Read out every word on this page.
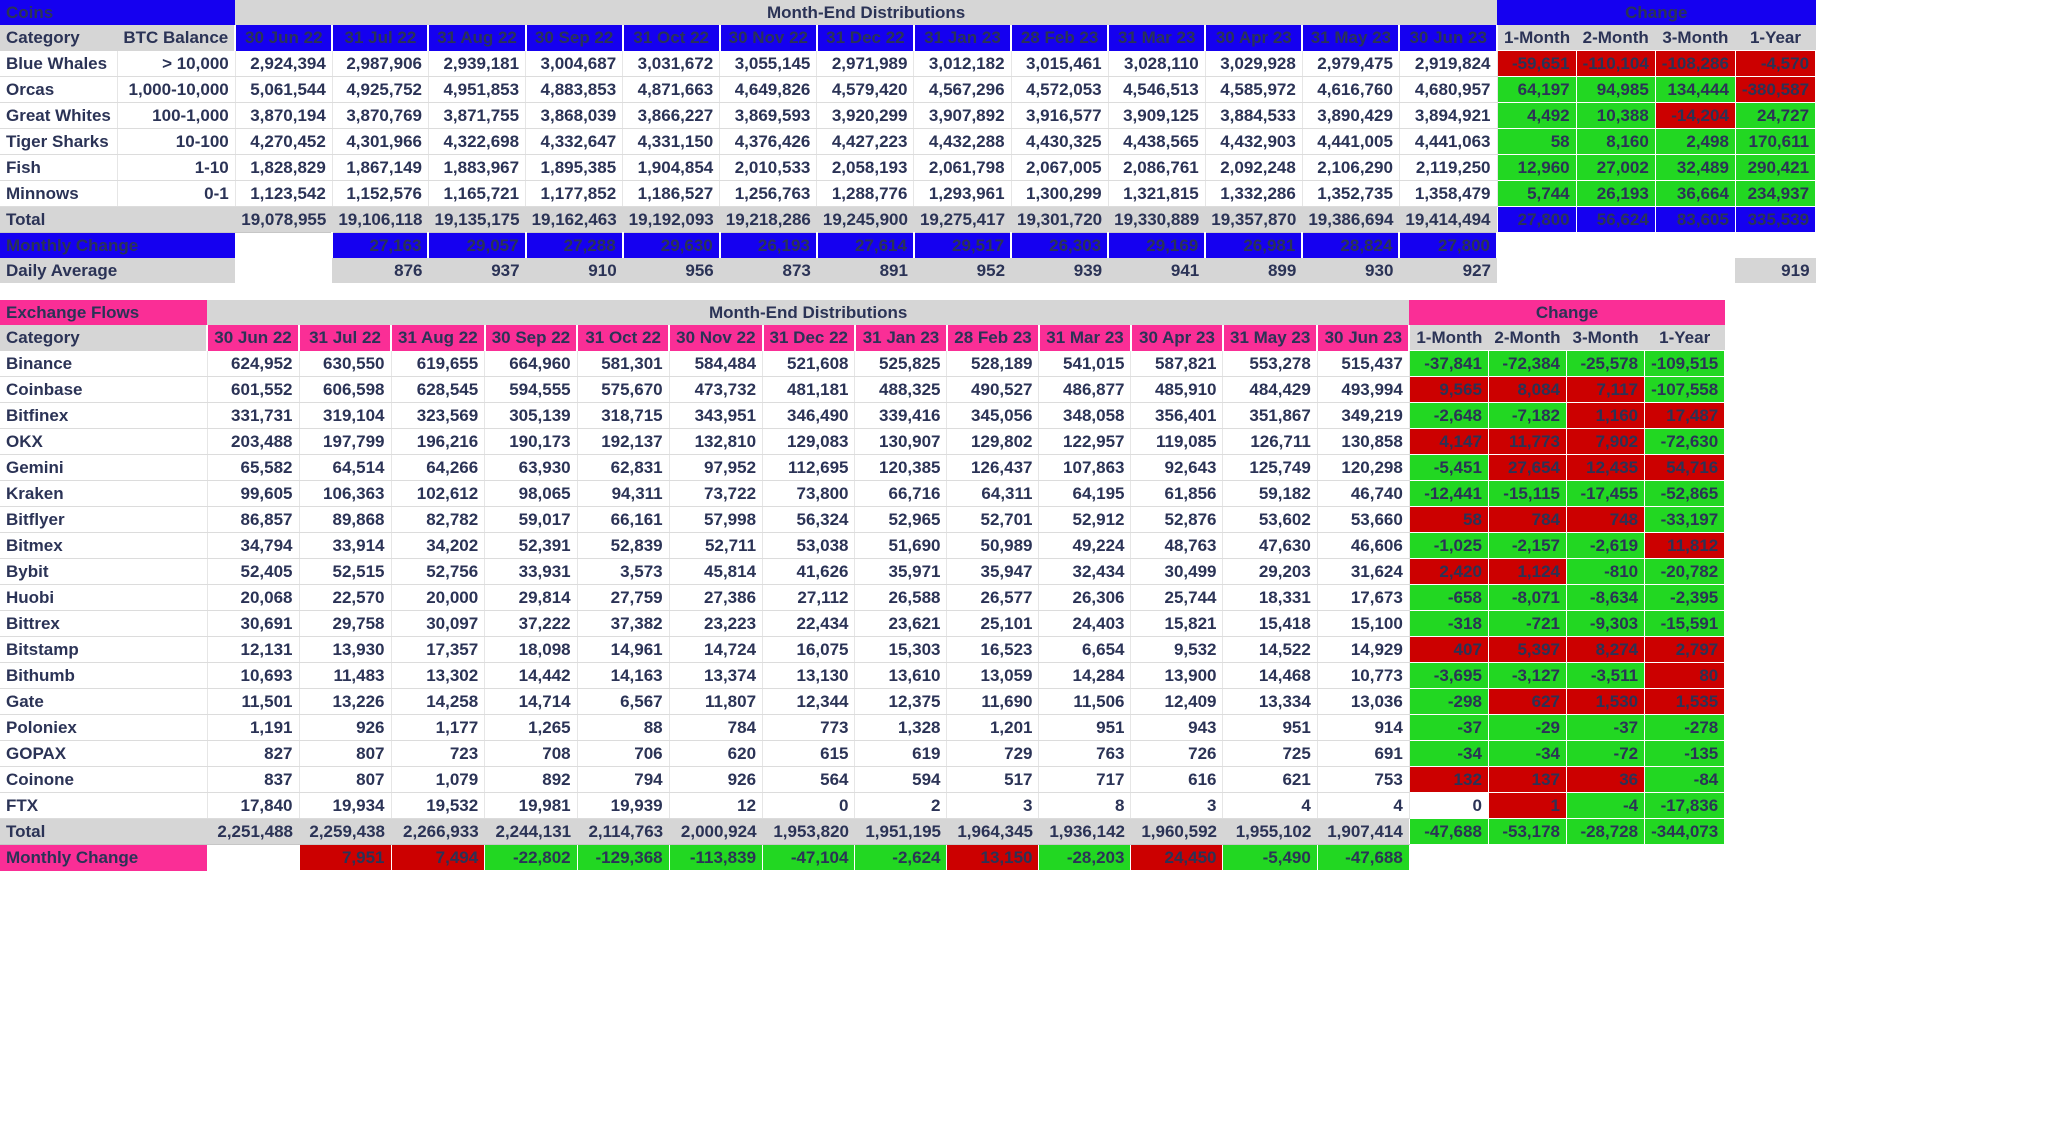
Coins		Month-End Distributions													Change			
Category	BTC Balance	30 Jun 22	31 Jul 22	31 Aug 22	30 Sep 22	31 Oct 22	30 Nov 22	31 Dec 22	31 Jan 23	28 Feb 23	31 Mar 23	30 Apr 23	31 May 23	30 Jun 23	1-Month	2-Month	3-Month	1-Year
Blue Whales	> 10,000	2,924,394	2,987,906	2,939,181	3,004,687	3,031,672	3,055,145	2,971,989	3,012,182	3,015,461	3,028,110	3,029,928	2,979,475	2,919,824	-59,651	-110,104	-108,286	-4,570
Orcas	1,000-10,000	5,061,544	4,925,752	4,951,853	4,883,853	4,871,663	4,649,826	4,579,420	4,567,296	4,572,053	4,546,513	4,585,972	4,616,760	4,680,957	64,197	94,985	134,444	-380,587
Great Whites	100-1,000	3,870,194	3,870,769	3,871,755	3,868,039	3,866,227	3,869,593	3,920,299	3,907,892	3,916,577	3,909,125	3,884,533	3,890,429	3,894,921	4,492	10,388	-14,204	24,727
Tiger Sharks	10-100	4,270,452	4,301,966	4,322,698	4,332,647	4,331,150	4,376,426	4,427,223	4,432,288	4,430,325	4,438,565	4,432,903	4,441,005	4,441,063	58	8,160	2,498	170,611
Fish	1-10	1,828,829	1,867,149	1,883,967	1,895,385	1,904,854	2,010,533	2,058,193	2,061,798	2,067,005	2,086,761	2,092,248	2,106,290	2,119,250	12,960	27,002	32,489	290,421
Minnows	0-1	1,123,542	1,152,576	1,165,721	1,177,852	1,186,527	1,256,763	1,288,776	1,293,961	1,300,299	1,321,815	1,332,286	1,352,735	1,358,479	5,744	26,193	36,664	234,937
Total		19,078,955	19,106,118	19,135,175	19,162,463	19,192,093	19,218,286	19,245,900	19,275,417	19,301,720	19,330,889	19,357,870	19,386,694	19,414,494	27,800	56,624	83,605	335,539
Monthly Change			27,163	29,057	27,288	29,630	26,193	27,614	29,517	26,303	29,169	26,981	28,824	27,800				
Daily Average			876	937	910	956	873	891	952	939	941	899	930	927				919
Exchange Flows	Month-End Distributions													Change			
Category	30 Jun 22	31 Jul 22	31 Aug 22	30 Sep 22	31 Oct 22	30 Nov 22	31 Dec 22	31 Jan 23	28 Feb 23	31 Mar 23	30 Apr 23	31 May 23	30 Jun 23	1-Month	2-Month	3-Month	1-Year
Binance	624,952	630,550	619,655	664,960	581,301	584,484	521,608	525,825	528,189	541,015	587,821	553,278	515,437	-37,841	-72,384	-25,578	-109,515
Coinbase	601,552	606,598	628,545	594,555	575,670	473,732	481,181	488,325	490,527	486,877	485,910	484,429	493,994	9,565	8,084	7,117	-107,558
Bitfinex	331,731	319,104	323,569	305,139	318,715	343,951	346,490	339,416	345,056	348,058	356,401	351,867	349,219	-2,648	-7,182	1,160	17,487
OKX	203,488	197,799	196,216	190,173	192,137	132,810	129,083	130,907	129,802	122,957	119,085	126,711	130,858	4,147	11,773	7,902	-72,630
Gemini	65,582	64,514	64,266	63,930	62,831	97,952	112,695	120,385	126,437	107,863	92,643	125,749	120,298	-5,451	27,654	12,435	54,716
Kraken	99,605	106,363	102,612	98,065	94,311	73,722	73,800	66,716	64,311	64,195	61,856	59,182	46,740	-12,441	-15,115	-17,455	-52,865
Bitflyer	86,857	89,868	82,782	59,017	66,161	57,998	56,324	52,965	52,701	52,912	52,876	53,602	53,660	58	784	748	-33,197
Bitmex	34,794	33,914	34,202	52,391	52,839	52,711	53,038	51,690	50,989	49,224	48,763	47,630	46,606	-1,025	-2,157	-2,619	11,812
Bybit	52,405	52,515	52,756	33,931	3,573	45,814	41,626	35,971	35,947	32,434	30,499	29,203	31,624	2,420	1,124	-810	-20,782
Huobi	20,068	22,570	20,000	29,814	27,759	27,386	27,112	26,588	26,577	26,306	25,744	18,331	17,673	-658	-8,071	-8,634	-2,395
Bittrex	30,691	29,758	30,097	37,222	37,382	23,223	22,434	23,621	25,101	24,403	15,821	15,418	15,100	-318	-721	-9,303	-15,591
Bitstamp	12,131	13,930	17,357	18,098	14,961	14,724	16,075	15,303	16,523	6,654	9,532	14,522	14,929	407	5,397	8,274	2,797
Bithumb	10,693	11,483	13,302	14,442	14,163	13,374	13,130	13,610	13,059	14,284	13,900	14,468	10,773	-3,695	-3,127	-3,511	80
Gate	11,501	13,226	14,258	14,714	6,567	11,807	12,344	12,375	11,690	11,506	12,409	13,334	13,036	-298	627	1,530	1,535
Poloniex	1,191	926	1,177	1,265	88	784	773	1,328	1,201	951	943	951	914	-37	-29	-37	-278
GOPAX	827	807	723	708	706	620	615	619	729	763	726	725	691	-34	-34	-72	-135
Coinone	837	807	1,079	892	794	926	564	594	517	717	616	621	753	132	137	36	-84
FTX	17,840	19,934	19,532	19,981	19,939	12	0	2	3	8	3	4	4	0	1	-4	-17,836
Total	2,251,488	2,259,438	2,266,933	2,244,131	2,114,763	2,000,924	1,953,820	1,951,195	1,964,345	1,936,142	1,960,592	1,955,102	1,907,414	-47,688	-53,178	-28,728	-344,073
Monthly Change		7,951	7,494	-22,802	-129,368	-113,839	-47,104	-2,624	13,150	-28,203	24,450	-5,490	-47,688				
